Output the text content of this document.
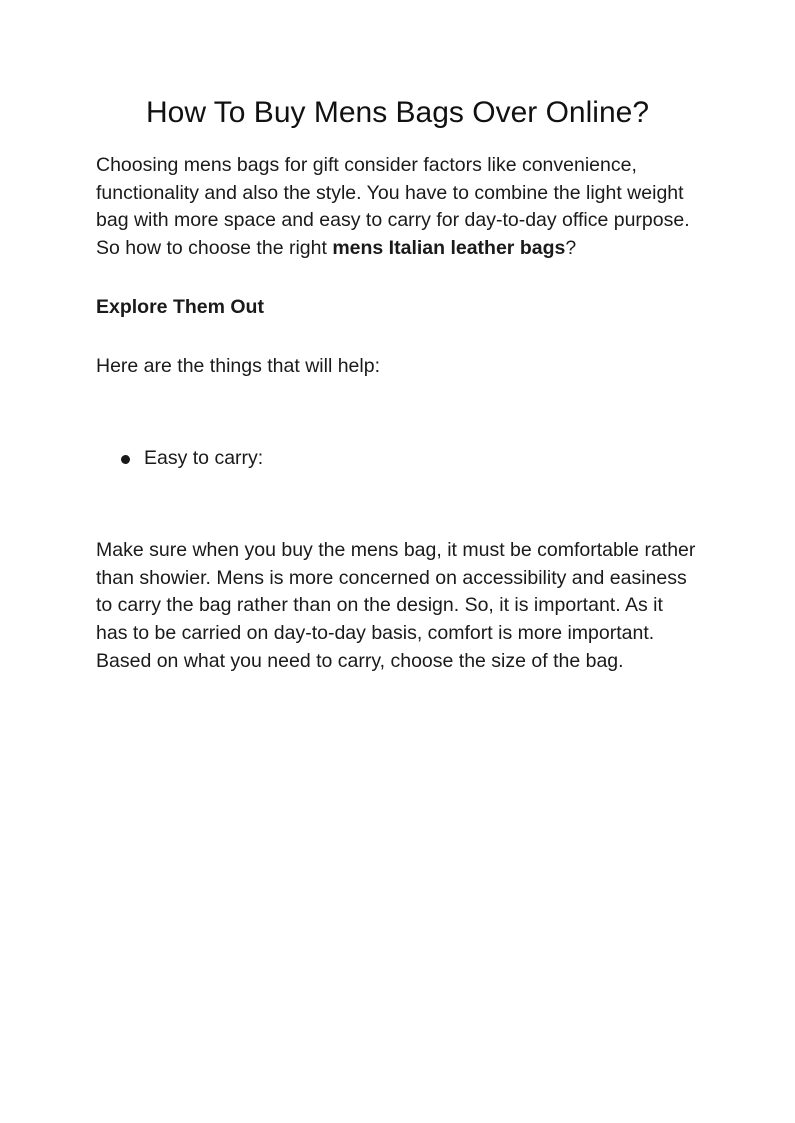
How To Buy Mens Bags Over Online?

Choosing mens bags for gift consider factors like convenience, functionality and also the style. You have to combine the light weight bag with more space and easy to carry for day-to-day office purpose. So how to choose the right mens Italian leather bags?

Explore Them Out

Here are the things that will help:

Easy to carry:

Make sure when you buy the mens bag, it must be comfortable rather than showier. Mens is more concerned on accessibility and easiness to carry the bag rather than on the design. So, it is important. As it has to be carried on day-to-day basis, comfort is more important. Based on what you need to carry, choose the size of the bag.
